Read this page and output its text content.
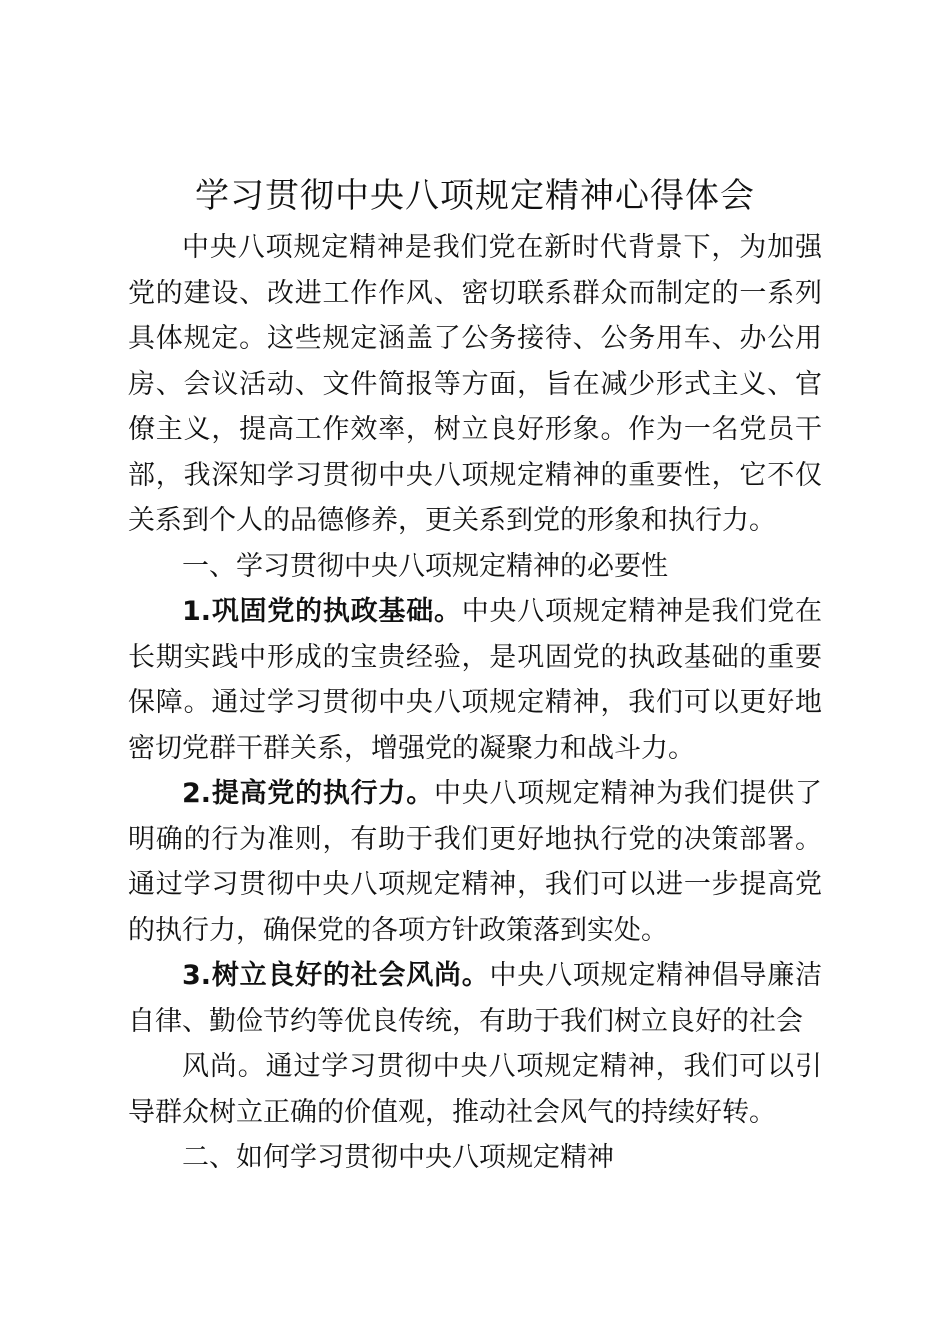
学习贯彻中央八项规定精神心得体会

中央八项规定精神是我们党在新时代背景下，为加强党的建设、改进工作作风、密切联系群众而制定的一系列具体规定。这些规定涵盖了公务接待、公务用车、办公用房、会议活动、文件简报等方面，旨在减少形式主义、官僚主义，提高工作效率，树立良好形象。作为一名党员干部，我深知学习贯彻中央八项规定精神的重要性，它不仅关系到个人的品德修养，更关系到党的形象和执行力。

一、学习贯彻中央八项规定精神的必要性

1.巩固党的执政基础。中央八项规定精神是我们党在长期实践中形成的宝贵经验，是巩固党的执政基础的重要保障。通过学习贯彻中央八项规定精神，我们可以更好地密切党群干群关系，增强党的凝聚力和战斗力。

2.提高党的执行力。中央八项规定精神为我们提供了明确的行为准则，有助于我们更好地执行党的决策部署。通过学习贯彻中央八项规定精神，我们可以进一步提高党的执行力，确保党的各项方针政策落到实处。

3.树立良好的社会风尚。中央八项规定精神倡导廉洁自律、勤俭节约等优良传统，有助于我们树立良好的社会

风尚。通过学习贯彻中央八项规定精神，我们可以引导群众树立正确的价值观，推动社会风气的持续好转。

二、如何学习贯彻中央八项规定精神
